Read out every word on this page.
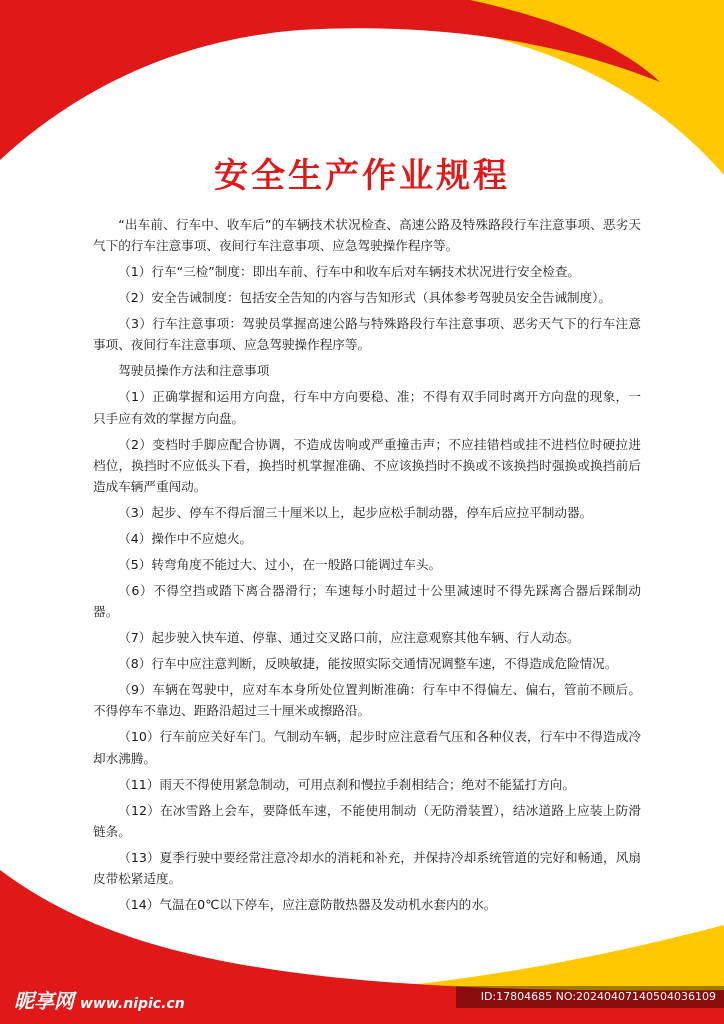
安全生产作业规程

“出车前、行车中、收车后”的车辆技术状况检查、高速公路及特殊路段行车注意事项、恶劣天气下的行车注意事项、夜间行车注意事项、应急驾驶操作程序等。

（1）行车“三检”制度：即出车前、行车中和收车后对车辆技术状况进行安全检查。

（2）安全告诫制度：包括安全告知的内容与告知形式（具体参考驾驶员安全告诫制度）。

（3）行车注意事项：驾驶员掌握高速公路与特殊路段行车注意事项、恶劣天气下的行车注意事项、夜间行车注意事项、应急驾驶操作程序等。

驾驶员操作方法和注意事项

（1）正确掌握和运用方向盘，行车中方向要稳、准；不得有双手同时离开方向盘的现象，一只手应有效的掌握方向盘。

（2）变档时手脚应配合协调，不造成齿响或严重撞击声；不应挂错档或挂不进档位时硬拉进档位，换挡时不应低头下看，换挡时机掌握准确、不应该换挡时不换或不该换挡时强换或换挡前后造成车辆严重闯动。

（3）起步、停车不得后溜三十厘米以上，起步应松手制动器，停车后应拉平制动器。

（4）操作中不应熄火。

（5）转弯角度不能过大、过小，在一般路口能调过车头。

（6）不得空挡或踏下离合器滑行；车速每小时超过十公里减速时不得先踩离合器后踩制动器。

（7）起步驶入快车道、停靠、通过交叉路口前，应注意观察其他车辆、行人动态。

（8）行车中应注意判断，反映敏捷，能按照实际交通情况调整车速，不得造成危险情况。

（9）车辆在驾驶中，应对车本身所处位置判断准确：行车中不得偏左、偏右，管前不顾后。不得停车不靠边、距路沿超过三十厘米或擦路沿。

（10）行车前应关好车门。气制动车辆，起步时应注意看气压和各种仪表，行车中不得造成冷却水沸腾。

（11）雨天不得使用紧急制动，可用点刹和慢拉手刹相结合；绝对不能猛打方向。

（12）在冰雪路上会车，要降低车速，不能使用制动（无防滑装置），结冰道路上应装上防滑链条。

（13）夏季行驶中要经常注意冷却水的消耗和补充，并保持冷却系统管道的完好和畅通，风扇皮带松紧适度。

（14）气温在0℃以下停车，应注意防散热器及发动机水套内的水。

昵享网 www.nipic.cn	ID:17804685 NO:20240407140504036109
